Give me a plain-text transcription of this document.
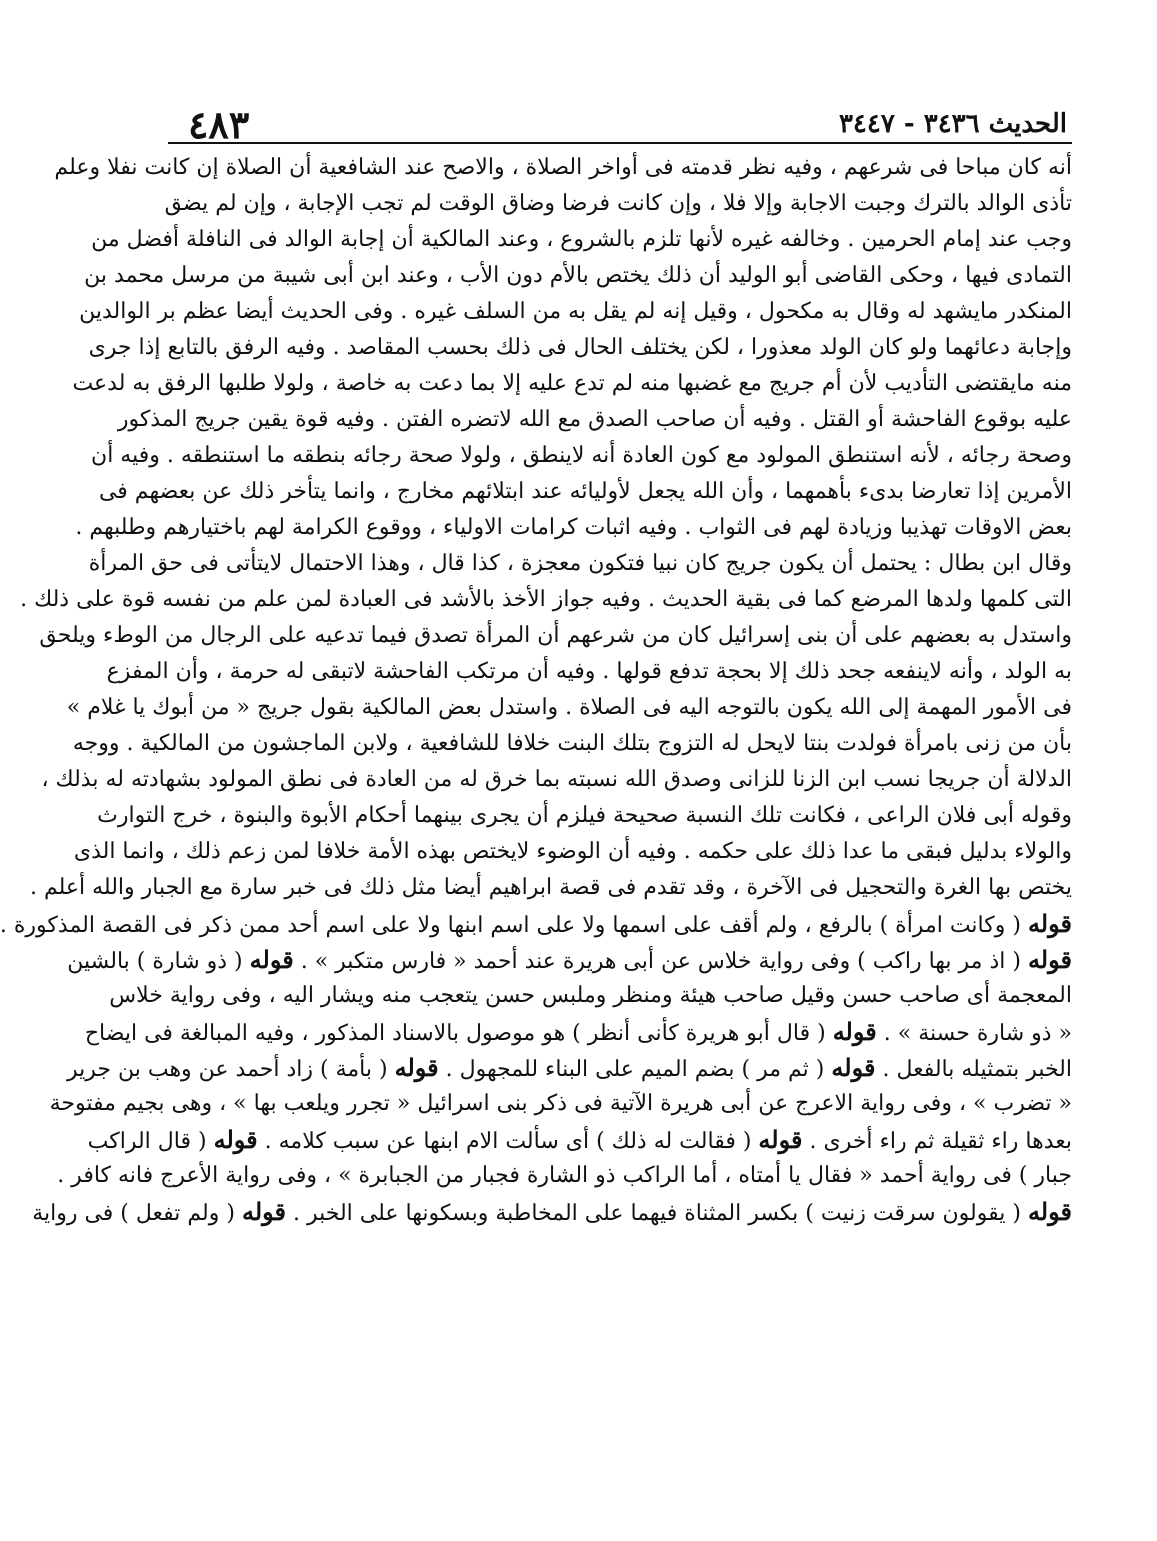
٤٨٣	الحديث ٣٤٣٦ - ٣٤٤٧
أنه كان مباحا فى شرعهم ، وفيه نظر قدمته فى أواخر الصلاة ، والاصح عند الشافعية أن الصلاة إن كانت نفلا وعلم
تأذى الوالد بالترك وجبت الاجابة وإلا فلا ، وإن كانت فرضا وضاق الوقت لم تجب الإجابة ، وإن لم يضق
وجب عند إمام الحرمين . وخالفه غيره لأنها تلزم بالشروع ، وعند المالكية أن إجابة الوالد فى النافلة أفضل من
التمادى فيها ، وحكى القاضى أبو الوليد أن ذلك يختص بالأم دون الأب ، وعند ابن أبى شيبة من مرسل محمد بن
المنكدر مايشهد له وقال به مكحول ، وقيل إنه لم يقل به من السلف غيره . وفى الحديث أيضا عظم بر الوالدين
وإجابة دعائهما ولو كان الولد معذورا ، لكن يختلف الحال فى ذلك بحسب المقاصد . وفيه الرفق بالتابع إذا جرى
منه مايقتضى التأديب لأن أم جريج مع غضبها منه لم تدع عليه إلا بما دعت به خاصة ، ولولا طلبها الرفق به لدعت
عليه بوقوع الفاحشة أو القتل . وفيه أن صاحب الصدق مع الله لاتضره الفتن . وفيه قوة يقين جريج المذكور
وصحة رجائه ، لأنه استنطق المولود مع كون العادة أنه لاينطق ، ولولا صحة رجائه بنطقه ما استنطقه . وفيه أن
الأمرين إذا تعارضا بدىء بأهمهما ، وأن الله يجعل لأوليائه عند ابتلائهم مخارج ، وانما يتأخر ذلك عن بعضهم فى
بعض الاوقات تهذيبا وزيادة لهم فى الثواب . وفيه اثبات كرامات الاولياء ، ووقوع الكرامة لهم باختيارهم وطلبهم .
وقال ابن بطال : يحتمل أن يكون جريج كان نبيا فتكون معجزة ، كذا قال ، وهذا الاحتمال لايتأتى فى حق المرأة
التى كلمها ولدها المرضع كما فى بقية الحديث . وفيه جواز الأخذ بالأشد فى العبادة لمن علم من نفسه قوة على ذلك .
واستدل به بعضهم على أن بنى إسرائيل كان من شرعهم أن المرأة تصدق فيما تدعيه على الرجال من الوطء ويلحق
به الولد ، وأنه لاينفعه جحد ذلك إلا بحجة تدفع قولها . وفيه أن مرتكب الفاحشة لاتبقى له حرمة ، وأن المفزع
فى الأمور المهمة إلى الله يكون بالتوجه اليه فى الصلاة . واستدل بعض المالكية بقول جريج « من أبوك يا غلام »
بأن من زنى بامرأة فولدت بنتا لايحل له التزوج بتلك البنت خلافا للشافعية ، ولابن الماجشون من المالكية . ووجه
الدلالة أن جريجا نسب ابن الزنا للزانى وصدق الله نسبته بما خرق له من العادة فى نطق المولود بشهادته له بذلك ،
وقوله أبى فلان الراعى ، فكانت تلك النسبة صحيحة فيلزم أن يجرى بينهما أحكام الأبوة والبنوة ، خرج التوارث
والولاء بدليل فبقى ما عدا ذلك على حكمه . وفيه أن الوضوء لايختص بهذه الأمة خلافا لمن زعم ذلك ، وانما الذى
يختص بها الغرة والتحجيل فى الآخرة ، وقد تقدم فى قصة ابراهيم أيضا مثل ذلك فى خبر سارة مع الجبار والله أعلم .
قوله ( وكانت امرأة ) بالرفع ، ولم أقف على اسمها ولا على اسم ابنها ولا على اسم أحد ممن ذكر فى القصة المذكورة .
قوله ( اذ مر بها راكب ) وفى رواية خلاس عن أبى هريرة عند أحمد « فارس متكبر » . قوله ( ذو شارة ) بالشين
المعجمة أى صاحب حسن وقيل صاحب هيئة ومنظر وملبس حسن يتعجب منه ويشار اليه ، وفى رواية خلاس
« ذو شارة حسنة » . قوله ( قال أبو هريرة كأنى أنظر ) هو موصول بالاسناد المذكور ، وفيه المبالغة فى ايضاح
الخبر بتمثيله بالفعل . قوله ( ثم مر ) بضم الميم على البناء للمجهول . قوله ( بأمة ) زاد أحمد عن وهب بن جرير
« تضرب » ، وفى رواية الاعرج عن أبى هريرة الآتية فى ذكر بنى اسرائيل « تجرر ويلعب بها » ، وهى بجيم مفتوحة
بعدها راء ثقيلة ثم راء أخرى . قوله ( فقالت له ذلك ) أى سألت الام ابنها عن سبب كلامه . قوله ( قال الراكب
جبار ) فى رواية أحمد « فقال يا أمتاه ، أما الراكب ذو الشارة فجبار من الجبابرة » ، وفى رواية الأعرج فانه كافر .
قوله ( يقولون سرقت زنيت ) بكسر المثناة فيهما على المخاطبة وبسكونها على الخبر . قوله ( ولم تفعل ) فى رواية
